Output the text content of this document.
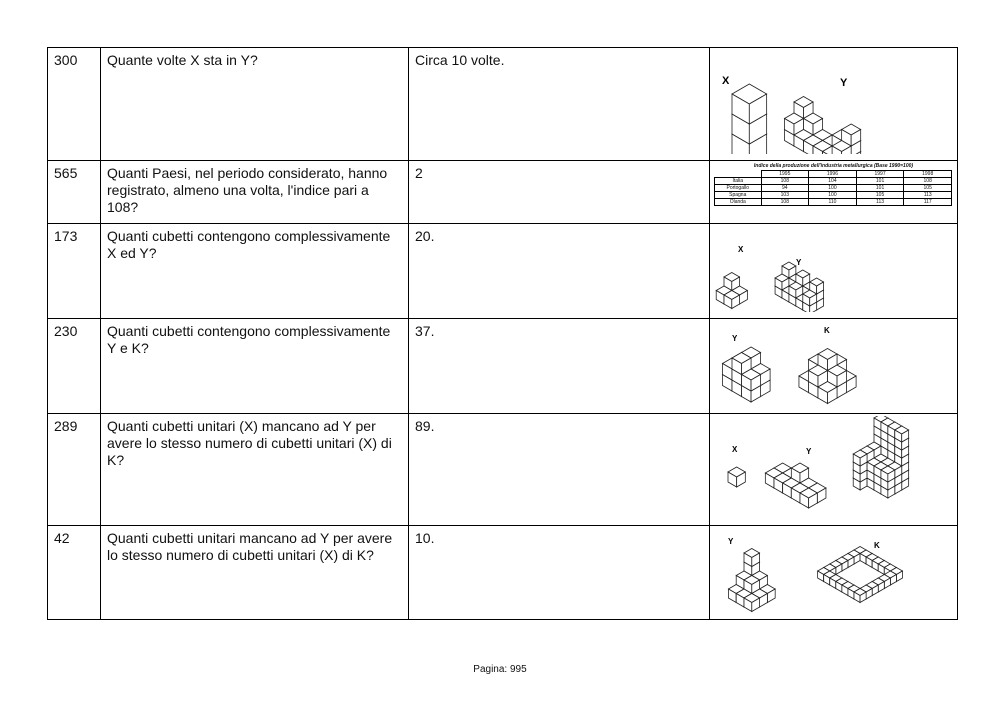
300	Quante volte X sta in Y?	Circa 10 volte.	
X	Y

565	Quanti Paesi, nel periodo considerato, hanno registrato, almeno una volta, l'indice pari a 108?	2	Indice della produzione dell'industria metallurgica (Base 1990=100)
	1995	1996	1997	1998
Italia	108	104	101	108
Portogallo	94	100	101	105
Spagna	103	100	105	113
Olanda	108	110	113	117

173	Quanti cubetti contengono complessivamente X ed Y?	20.	
X
Y

230	Quanti cubetti contengono complessivamente Y e K?	37.	Y
K

289	Quanti cubetti unitari (X) mancano ad Y per avere lo stesso numero di cubetti unitari (X) di K?	89.	
X	Y

42	Quanti cubetti unitari mancano ad Y per avere lo stesso numero di cubetti unitari (X) di K?	10.	Y	K
Pagina: 995
